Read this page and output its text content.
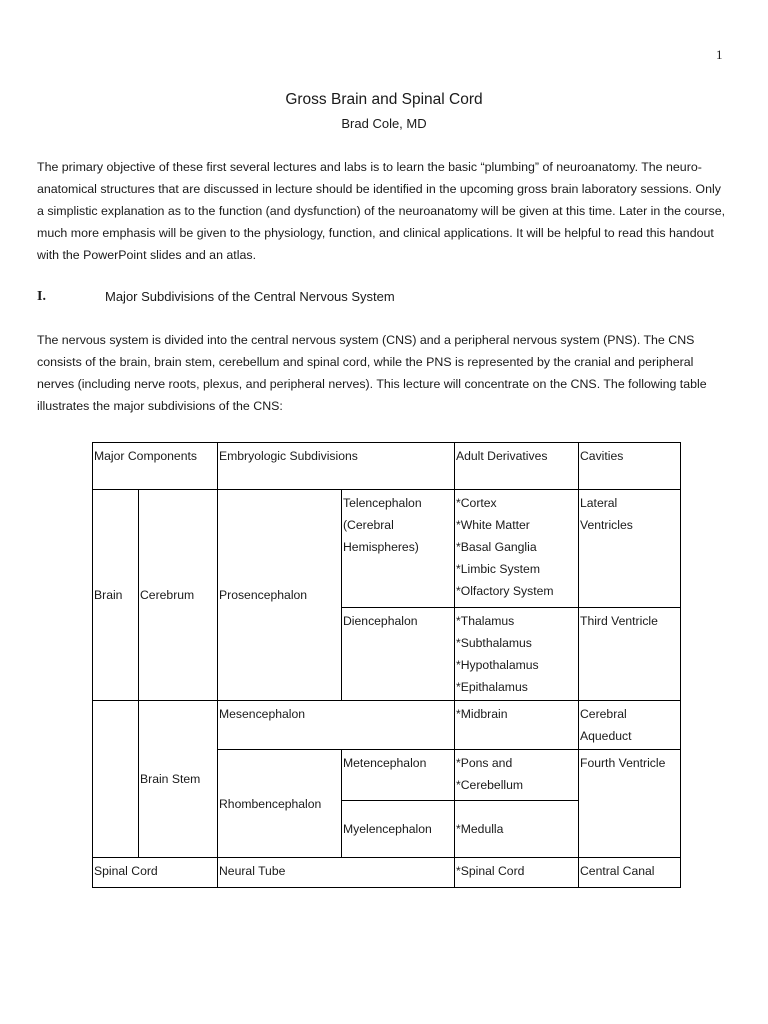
1
Gross Brain and Spinal Cord
Brad Cole, MD

The primary objective of these first several lectures and labs is to learn the basic “plumbing” of neuroanatomy. The neuro-anatomical structures that are discussed in lecture should be identified in the upcoming gross brain laboratory sessions. Only a simplistic explanation as to the function (and dysfunction) of the neuroanatomy will be given at this time. Later in the course, much more emphasis will be given to the physiology, function, and clinical applications. It will be helpful to read this handout with the PowerPoint slides and an atlas.

I.	Major Subdivisions of the Central Nervous System

The nervous system is divided into the central nervous system (CNS) and a peripheral nervous system (PNS). The CNS consists of the brain, brain stem, cerebellum and spinal cord, while the PNS is represented by the cranial and peripheral nerves (including nerve roots, plexus, and peripheral nerves). This lecture will concentrate on the CNS. The following table illustrates the major subdivisions of the CNS:

Major Components		Embryologic Subdivisions		Adult Derivatives	Cavities
Brain	Cerebrum	Prosencephalon	Telencephalon
(Cerebral
Hemispheres)	*Cortex
*White Matter
*Basal Ganglia
*Limbic System
*Olfactory System	Lateral
Ventricles
			Diencephalon	*Thalamus
*Subthalamus
*Hypothalamus
*Epithalamus	Third Ventricle
	Brain Stem	Mesencephalon		*Midbrain	Cerebral
Aqueduct
		Rhombencephalon	Metencephalon	*Pons and
*Cerebellum	Fourth Ventricle
			Myelencephalon	*Medulla	
Spinal Cord		Neural Tube		*Spinal Cord	Central Canal
